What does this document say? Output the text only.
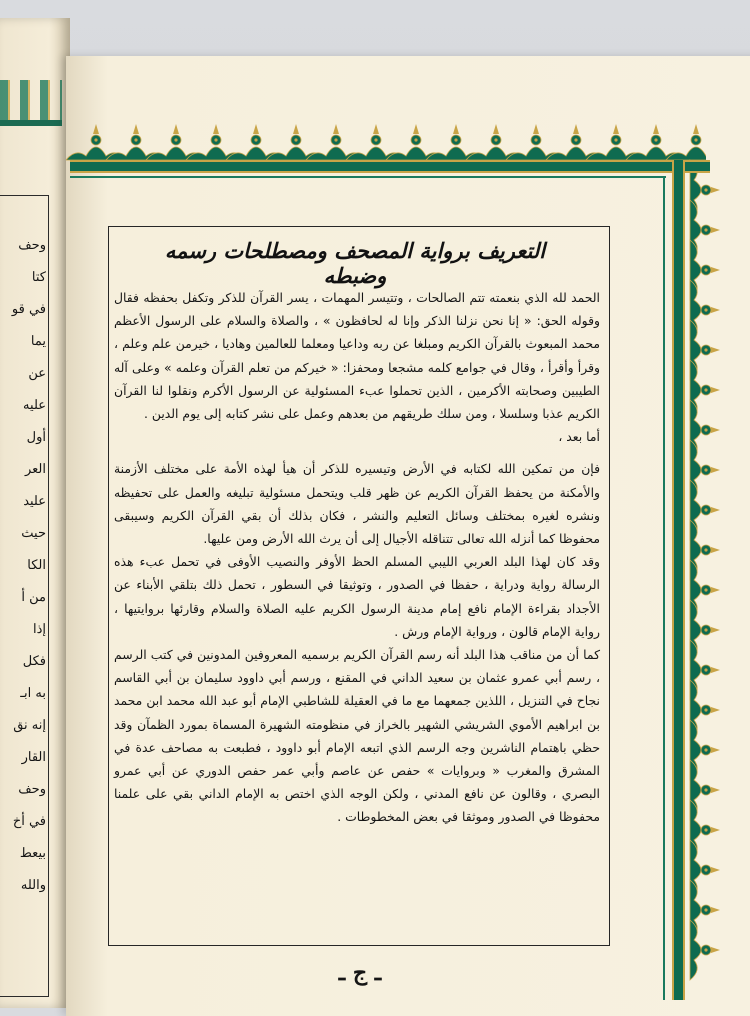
وحف
كتا
في قو
يما
عن
عليه
أول
العر
عليد
حيث
الكا
من أ
إذا
فكل
به ابـ
إنه نق
القار
وحف
في أخ
بيعط
والله
التعريف برواية المصحف ومصطلحات رسمه وضبطه

الحمد لله الذي بنعمته تتم الصالحات ، وتتيسر المهمات ، يسر القرآن للذكر وتكفل بحفظه فقال وقوله الحق: « إنا نحن نزلنا الذكر وإنا له لحافظون » ، والصلاة والسلام على الرسول الأعظم محمد المبعوث بالقرآن الكريم ومبلغا عن ربه وداعيا ومعلما للعالمين وهاديا ، خيرمن علم وعلم ، وقرأ وأقرأ ، وقال في جوامع كلمه مشجعا ومحفزا: « خيركم من تعلم القرآن وعلمه » وعلى آله الطيبين وصحابته الأكرمين ، الذين تحملوا عبء المسئولية عن الرسول الأكرم ونقلوا لنا القرآن الكريم عذبا وسلسلا ، ومن سلك طريقهم من بعدهم وعمل على نشر كتابه إلى يوم الدين .

أما بعد ،

فإن من تمكين الله لكتابه في الأرض وتيسيره للذكر أن هيأ لهذه الأمة على مختلف الأزمنة والأمكنة من يحفظ القرآن الكريم عن ظهر قلب ويتحمل مسئولية تبليغه والعمل على تحفيظه ونشره لغيره بمختلف وسائل التعليم والنشر ، فكان بذلك أن بقي القرآن الكريم وسيبقى محفوظا كما أنزله الله تعالى تتناقله الأجيال إلى أن يرث الله الأرض ومن عليها.

وقد كان لهذا البلد العربي الليبي المسلم الحظ الأوفر والنصيب الأوفى في تحمل عبء هذه الرسالة رواية ودراية ، حفظا في الصدور ، وتوثيقا في السطور ، تحمل ذلك بتلقي الأبناء عن الأجداد بقراءة الإمام نافع إمام مدينة الرسول الكريم عليه الصلاة والسلام وقارئها بروايتيها ، رواية الإمام قالون ، ورواية الإمام ورش .

كما أن من مناقب هذا البلد أنه رسم القرآن الكريم برسميه المعروفين المدونين في كتب الرسم ، رسم أبي عمرو عثمان بن سعيد الداني في المقنع ، ورسم أبي داوود سليمان بن أبي القاسم نجاح في التنزيل ، اللذين جمعهما مع ما في العقيلة للشاطبي الإمام أبو عبد الله محمد ابن محمد بن ابراهيم الأموي الشريشي الشهير بالخراز في منظومته الشهيرة المسماة بمورد الظمآن وقد حظي باهتمام الناشرين وجه الرسم الذي اتبعه الإمام أبو داوود ، فطبعت به مصاحف عدة في المشرق والمغرب « وبروايات » حفص عن عاصم وأبي عمر حفص الدوري عن أبي عمرو البصري ، وقالون عن نافع المدني ، ولكن الوجه الذي اختص به الإمام الداني بقي على علمنا محفوظا في الصدور وموثقا في بعض المخطوطات .

ـ ج ـ
